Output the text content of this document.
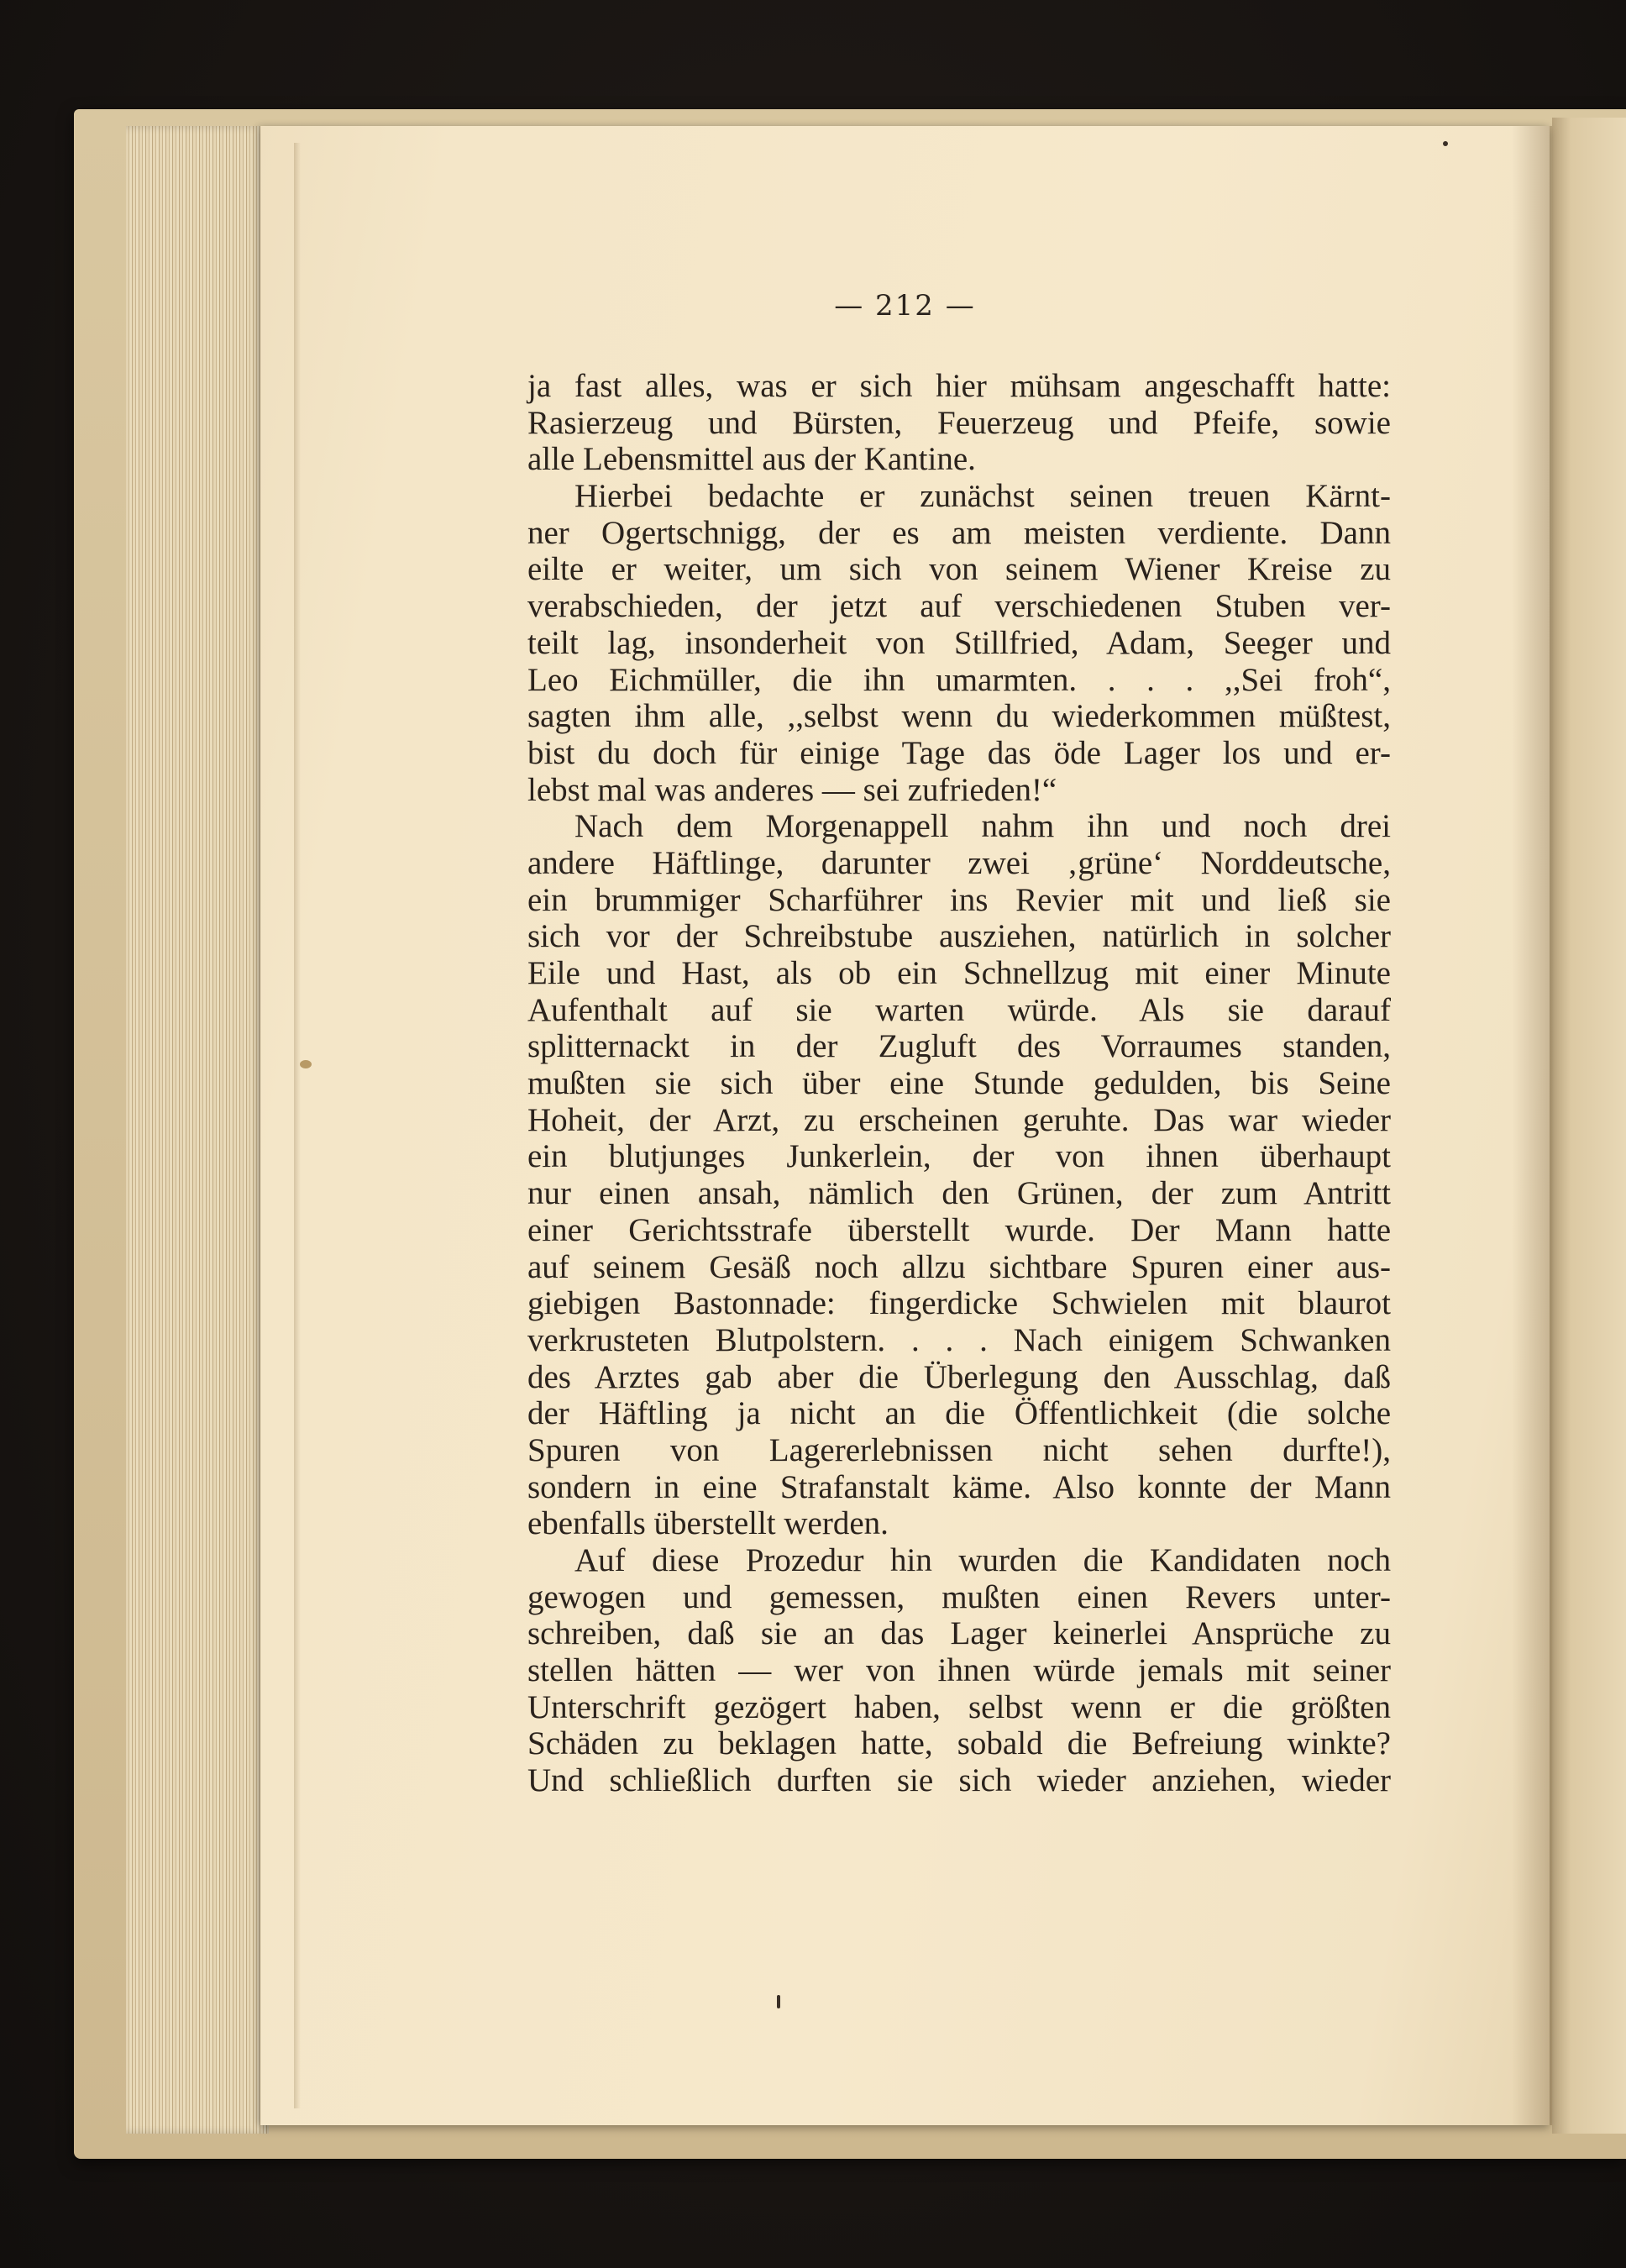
— 212 —
ja fast alles, was er sich hier mühsam angeschafft hatte:
Rasierzeug und Bürsten, Feuerzeug und Pfeife, sowie
alle Lebensmittel aus der Kantine.
Hierbei bedachte er zunächst seinen treuen Kärnt-
ner Ogertschnigg, der es am meisten verdiente. Dann
eilte er weiter, um sich von seinem Wiener Kreise zu
verabschieden, der jetzt auf verschiedenen Stuben ver-
teilt lag, insonderheit von Stillfried, Adam, Seeger und
Leo Eichmüller, die ihn umarmten. . . . ,,Sei froh“,
sagten ihm alle, ,,selbst wenn du wiederkommen müßtest,
bist du doch für einige Tage das öde Lager los und er-
lebst mal was anderes — sei zufrieden!“
Nach dem Morgenappell nahm ihn und noch drei
andere Häftlinge, darunter zwei ‚grüne‘ Norddeutsche,
ein brummiger Scharführer ins Revier mit und ließ sie
sich vor der Schreibstube ausziehen, natürlich in solcher
Eile und Hast, als ob ein Schnellzug mit einer Minute
Aufenthalt auf sie warten würde. Als sie darauf
splitternackt in der Zugluft des Vorraumes standen,
mußten sie sich über eine Stunde gedulden, bis Seine
Hoheit, der Arzt, zu erscheinen geruhte. Das war wieder
ein blutjunges Junkerlein, der von ihnen überhaupt
nur einen ansah, nämlich den Grünen, der zum Antritt
einer Gerichtsstrafe überstellt wurde. Der Mann hatte
auf seinem Gesäß noch allzu sichtbare Spuren einer aus-
giebigen Bastonnade: fingerdicke Schwielen mit blaurot
verkrusteten Blutpolstern. . . . Nach einigem Schwanken
des Arztes gab aber die Überlegung den Ausschlag, daß
der Häftling ja nicht an die Öffentlichkeit (die solche
Spuren von Lagererlebnissen nicht sehen durfte!),
sondern in eine Strafanstalt käme. Also konnte der Mann
ebenfalls überstellt werden.
Auf diese Prozedur hin wurden die Kandidaten noch
gewogen und gemessen, mußten einen Revers unter-
schreiben, daß sie an das Lager keinerlei Ansprüche zu
stellen hätten — wer von ihnen würde jemals mit seiner
Unterschrift gezögert haben, selbst wenn er die größten
Schäden zu beklagen hatte, sobald die Befreiung winkte?
Und schließlich durften sie sich wieder anziehen, wieder
